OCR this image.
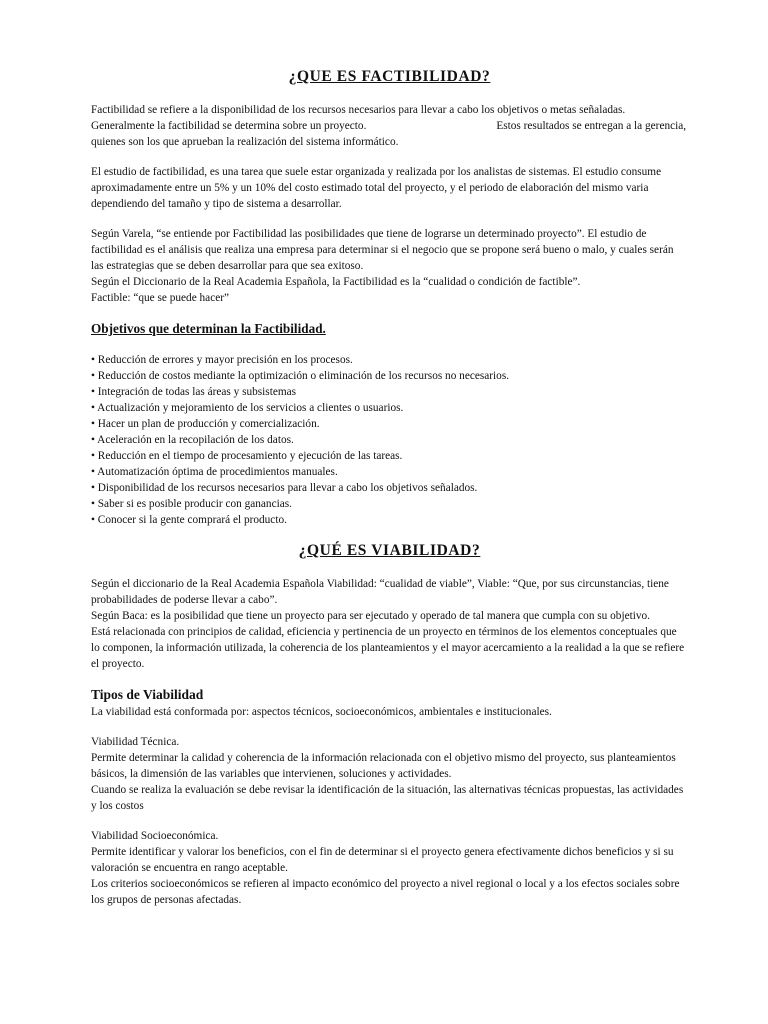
¿QUE ES FACTIBILIDAD?

Factibilidad se refiere a la disponibilidad de los recursos necesarios para llevar a cabo los objetivos o metas señaladas. Generalmente la factibilidad se determina sobre un proyecto.                                              Estos resultados se entregan a la gerencia, quienes son los que aprueban la realización del sistema informático.

El estudio de factibilidad, es una tarea que suele estar organizada y realizada por los analistas de sistemas. El estudio consume aproximadamente entre un 5% y un 10% del costo estimado total del proyecto, y el periodo de elaboración del mismo varia dependiendo del tamaño y tipo de sistema a desarrollar.

Según Varela, “se entiende por Factibilidad las posibilidades que tiene de lograrse un determinado proyecto”. El estudio de factibilidad es el análisis que realiza una empresa para determinar si el negocio que se propone será bueno o malo, y cuales serán las estrategias que se deben desarrollar para que sea exitoso.

Según el Diccionario de la Real Academia Española, la Factibilidad es la “cualidad o condición de factible”.

Factible: “que se puede hacer”

Objetivos que determinan la Factibilidad.
• Reducción de errores y mayor precisión en los procesos.
• Reducción de costos mediante la optimización o eliminación de los recursos no necesarios.
• Integración de todas las áreas y subsistemas
• Actualización y mejoramiento de los servicios a clientes o usuarios.
• Hacer un plan de producción y comercialización.
• Aceleración en la recopilación de los datos.
• Reducción en el tiempo de procesamiento y ejecución de las tareas.
• Automatización óptima de procedimientos manuales.
• Disponibilidad de los recursos necesarios para llevar a cabo los objetivos señalados.
• Saber si es posible producir con ganancias.
• Conocer si la gente comprará el producto.
¿QUÉ ES VIABILIDAD?

Según el diccionario de la Real Academia Española Viabilidad: “cualidad de viable”, Viable: “Que, por sus circunstancias, tiene probabilidades de poderse llevar a cabo”.

Según Baca: es la posibilidad que tiene un proyecto para ser ejecutado y operado de tal manera que cumpla con su objetivo.

Está relacionada con principios de calidad, eficiencia y pertinencia de un proyecto en términos de los elementos conceptuales que lo componen, la información utilizada, la coherencia de los planteamientos y el mayor acercamiento a la realidad a la que se refiere el proyecto.

Tipos de Viabilidad

La viabilidad está conformada por: aspectos técnicos, socioeconómicos, ambientales e institucionales.

Viabilidad Técnica.

Permite determinar la calidad y coherencia de la información relacionada con el objetivo mismo del proyecto, sus planteamientos básicos, la dimensión de las variables que intervienen, soluciones y actividades.

Cuando se realiza la evaluación se debe revisar la identificación de la situación, las alternativas técnicas propuestas, las actividades y los costos

Viabilidad Socioeconómica.

Permite identificar y valorar los beneficios, con el fin de determinar si el proyecto genera efectivamente dichos beneficios y si su valoración se encuentra en rango aceptable.

Los criterios socioeconómicos se refieren al impacto económico del proyecto a nivel regional o local y a los efectos sociales sobre los grupos de personas afectadas.
